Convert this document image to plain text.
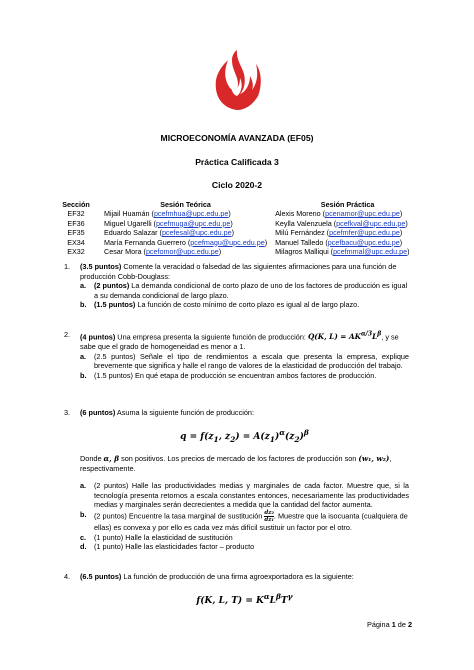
MICROECONOMÍA AVANZADA (EF05)
Práctica Calificada 3
Ciclo 2020-2
Sección	Sesión Teórica	Sesión Práctica
EF32	Mijail Huamán (pcefmhua@upc.edu.pe)	Alexis Moreno (pcenamor@upc.edu.pe)
EF36	Miguel Ugarelli (pcefmuga@upc.edu.pe)	Keylla Valenzuela (pcefkval@upc.edu.pe)
EF35	Eduardo Salazar (pcefesal@upc.edu.pe)	Milú Fernández (pcefmfer@upc.edu.pe)
EX34	María Fernanda Guerrero (pcefmagu@upc.edu.pe)	Manuel Talledo (pcefbacu@upc.edu.pe)
EX32	Cesar Mora (pcefomor@upc.edu.pe)	Milagros Malliqui (pcefmmal@upc.edu.pe)
1.	(3.5 puntos) Comente la veracidad o falsedad de las siguientes afirmaciones para una función de producción Cobb-Douglass:
a. (2 puntos) La demanda condicional de corto plazo de uno de los factores de producción es igual a su demanda condicional de largo plazo.
b. (1.5 puntos) La función de costo mínimo de corto plazo es igual al de largo plazo.
2.	(4 puntos) Una empresa presenta la siguiente función de producción: Q(K, $L) = AK^{\alpha/3}L^\beta$, y se sabe que el grado de homogeneidad es menor a 1.
a. (2.5 puntos) Señale el tipo de rendimientos a escala que presenta la empresa, explique brevemente que significa y halle el rango de valores de la elasticidad de producción del trabajo.
b. (1.5 puntos) En qué etapa de producción se encuentran ambos factores de producción.
3.	(6 puntos) Asuma la siguiente función de producción:
$q = f(z_1$, $z_2) = A(z_1)^\alpha(z_2)^\beta$
Donde α, β son positivos. Los precios de mercado de los factores de producción son (w₁, w₂), respectivamente.
a. (2 puntos) Halle las productividades medias y marginales de cada factor. Muestre que, si la tecnología presenta retornos a escala constantes entonces, necesariamente las productividades medias y marginales serán decrecientes a medida que la cantidad del factor aumenta.
b. (2 puntos) Encuentre la tasa marginal de sustitución $\frac{\text{dz₂}}{\text{dz₁}}$ . Muestre que la isocuanta (cualquiera de ellas) es convexa y por ello es cada vez más difícil sustituir un factor por el otro.
c. (1 punto) Halle la elasticidad de sustitución
d. (1 punto) Halle las elasticidades factor – producto
4.	(6.5 puntos) La función de producción de una firma agroexportadora es la siguiente:
f(K, L, $T) = K^\alpha L^\beta T^\gamma$
Página 1 de 2
